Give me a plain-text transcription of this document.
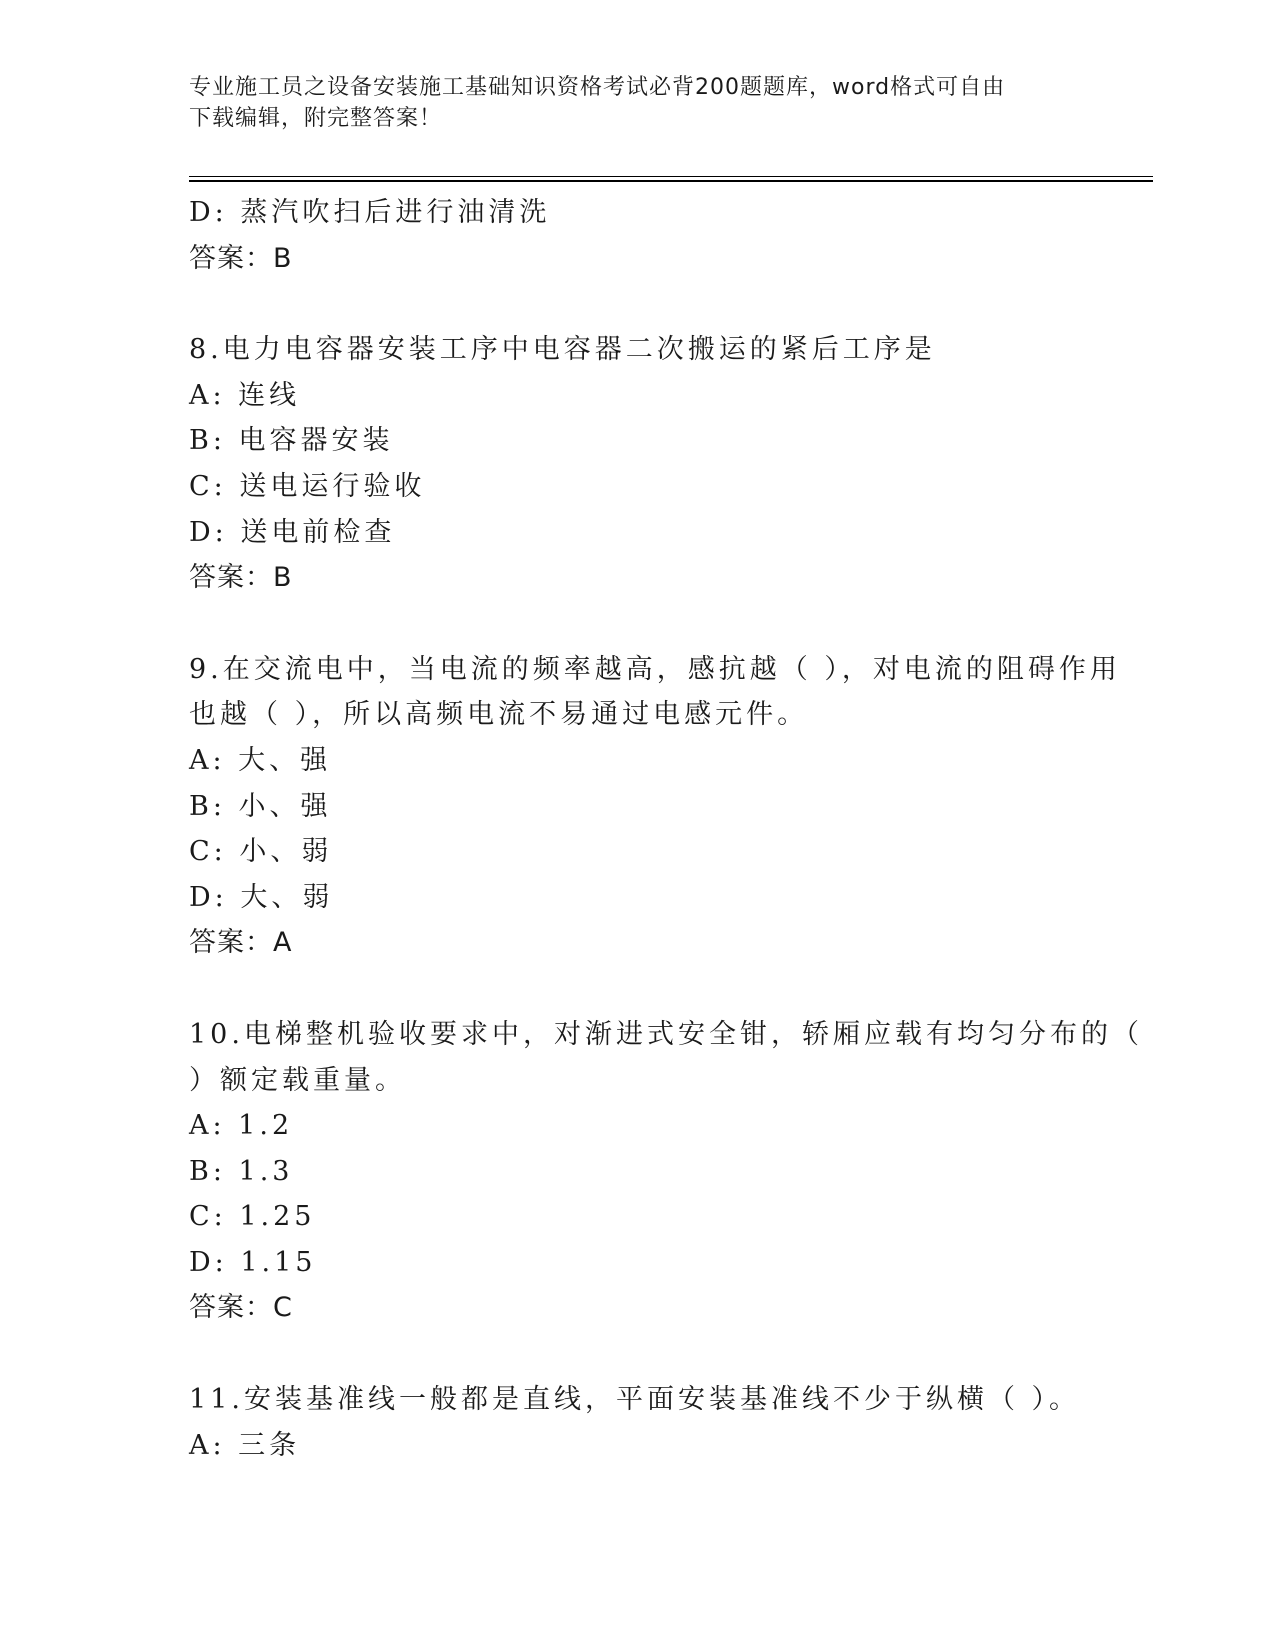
专业施工员之设备安装施工基础知识资格考试必背200题题库，word格式可自由
下载编辑，附完整答案！
D: 蒸汽吹扫后进行油清洗
答案：B
8.电力电容器安装工序中电容器二次搬运的紧后工序是
A: 连线
B: 电容器安装
C: 送电运行验收
D: 送电前检查
答案：B
9.在交流电中，当电流的频率越高，感抗越（ ），对电流的阻碍作用
也越（ ），所以高频电流不易通过电感元件。
A: 大、强
B: 小、强
C: 小、弱
D: 大、弱
答案：A
10.电梯整机验收要求中，对渐进式安全钳，轿厢应载有均匀分布的（
）额定载重量。
A: 1.2
B: 1.3
C: 1.25
D: 1.15
答案：C
11.安装基准线一般都是直线，平面安装基准线不少于纵横（ ）。
A: 三条
